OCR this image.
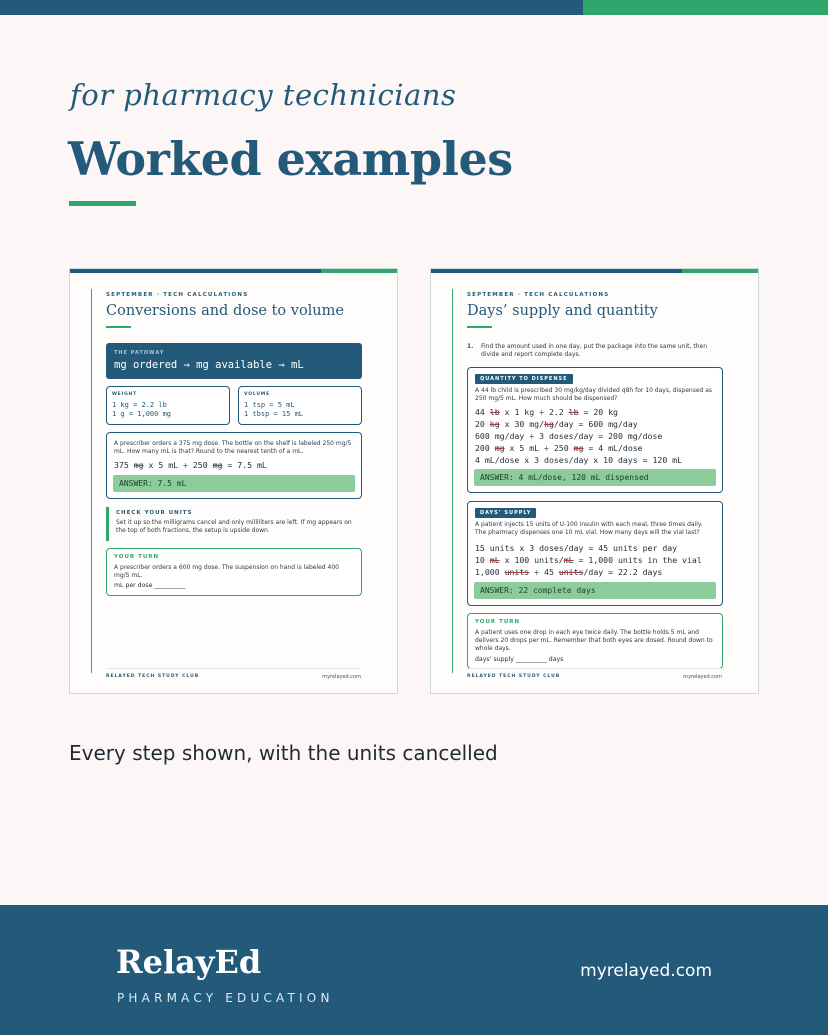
for pharmacy technicians
Worked examples
SEPTEMBER · TECH CALCULATIONS
Conversions and dose to volume
THE PATHWAY
mg ordered → mg available → mL
WEIGHT
1 kg = 2.2 lb
1 g = 1,000 mg
VOLUME
1 tsp = 5 mL
1 tbsp = 15 mL
A prescriber orders a 375 mg dose. The bottle on the shelf is labeled 250 mg/5 mL. How many mL is that? Round to the nearest tenth of a mL.
375 mg x 5 mL ÷ 250 mg = 7.5 mL
ANSWER: 7.5 mL
CHECK YOUR UNITS
Set it up so the milligrams cancel and only milliliters are left. If mg appears on the top of both fractions, the setup is upside down.
YOUR TURN
A prescriber orders a 600 mg dose. The suspension on hand is labeled 400 mg/5 mL.
mL per dose __________
RELAYED TECH STUDY CLUB	myrelayed.com
SEPTEMBER · TECH CALCULATIONS
Days’ supply and quantity
1. Find the amount used in one day, put the package into the same unit, then divide and report complete days.
QUANTITY TO DISPENSE
A 44 lb child is prescribed 30 mg/kg/day divided q8h for 10 days, dispensed as 250 mg/5 mL. How much should be dispensed?
44 lb x 1 kg ÷ 2.2 lb = 20 kg
20 kg x 30 mg/kg/day = 600 mg/day
600 mg/day ÷ 3 doses/day = 200 mg/dose
200 mg x 5 mL ÷ 250 mg = 4 mL/dose
4 mL/dose x 3 doses/day x 10 days = 120 mL
ANSWER: 4 mL/dose, 120 mL dispensed
DAYS’ SUPPLY
A patient injects 15 units of U-100 insulin with each meal, three times daily. The pharmacy dispenses one 10 mL vial. How many days will the vial last?
15 units x 3 doses/day = 45 units per day
10 mL x 100 units/mL = 1,000 units in the vial
1,000 units ÷ 45 units/day = 22.2 days
ANSWER: 22 complete days
YOUR TURN
A patient uses one drop in each eye twice daily. The bottle holds 5 mL and delivers 20 drops per mL. Remember that both eyes are dosed. Round down to whole days.
days’ supply __________ days
RELAYED TECH STUDY CLUB	myrelayed.com
Every step shown, with the units cancelled
RelayEd
PHARMACY EDUCATION
myrelayed.com
